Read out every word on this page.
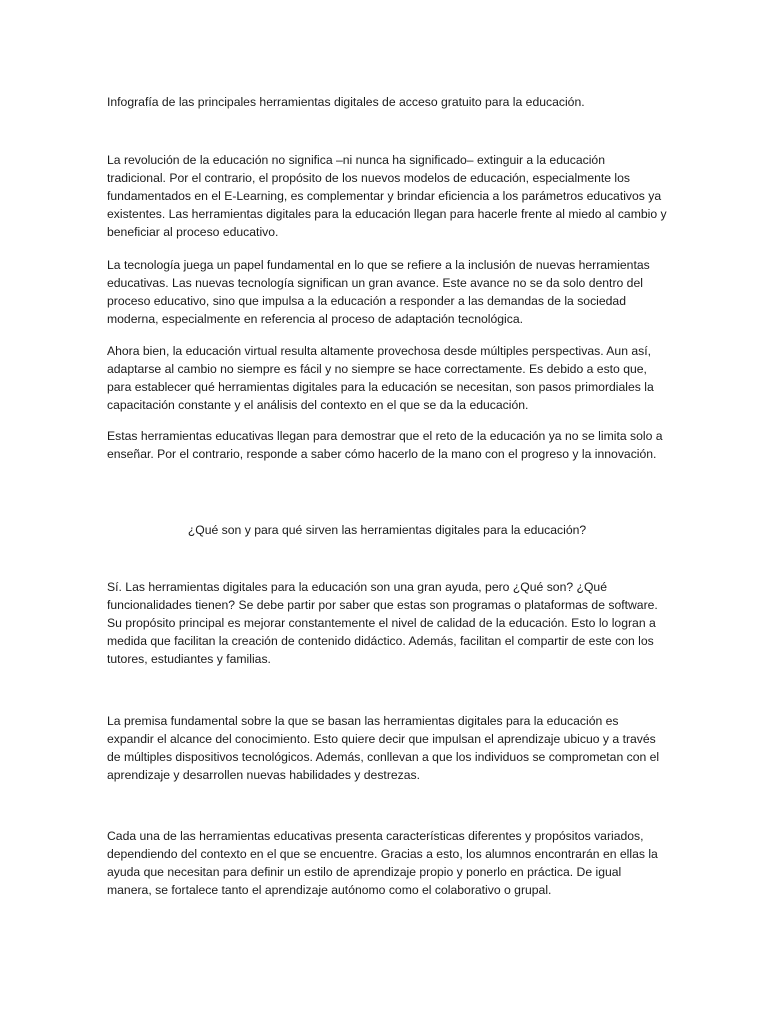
Infografía de las principales herramientas digitales de acceso gratuito para la educación.

La revolución de la educación no significa –ni nunca ha significado– extinguir a la educación tradicional. Por el contrario, el propósito de los nuevos modelos de educación, especialmente los fundamentados en el E-Learning, es complementar y brindar eficiencia a los parámetros educativos ya existentes. Las herramientas digitales para la educación llegan para hacerle frente al miedo al cambio y beneficiar al proceso educativo.

La tecnología juega un papel fundamental en lo que se refiere a la inclusión de nuevas herramientas educativas. Las nuevas tecnología significan un gran avance. Este avance no se da solo dentro del proceso educativo, sino que impulsa a la educación a responder a las demandas de la sociedad moderna, especialmente en referencia al proceso de adaptación tecnológica.

Ahora bien, la educación virtual resulta altamente provechosa desde múltiples perspectivas. Aun así, adaptarse al cambio no siempre es fácil y no siempre se hace correctamente. Es debido a esto que, para establecer qué herramientas digitales para la educación se necesitan, son pasos primordiales la capacitación constante y el análisis del contexto en el que se da la educación.

Estas herramientas educativas llegan para demostrar que el reto de la educación ya no se limita solo a enseñar. Por el contrario, responde a saber cómo hacerlo de la mano con el progreso y la innovación.

¿Qué son y para qué sirven las herramientas digitales para la educación?

Sí. Las herramientas digitales para la educación son una gran ayuda, pero ¿Qué son? ¿Qué funcionalidades tienen? Se debe partir por saber que estas son programas o plataformas de software. Su propósito principal es mejorar constantemente el nivel de calidad de la educación. Esto lo logran a medida que facilitan la creación de contenido didáctico. Además, facilitan el compartir de este con los tutores, estudiantes y familias.

La premisa fundamental sobre la que se basan las herramientas digitales para la educación es expandir el alcance del conocimiento. Esto quiere decir que impulsan el aprendizaje ubicuo y a través de múltiples dispositivos tecnológicos. Además, conllevan a que los individuos se comprometan con el aprendizaje y desarrollen nuevas habilidades y destrezas.

Cada una de las herramientas educativas presenta características diferentes y propósitos variados, dependiendo del contexto en el que se encuentre. Gracias a esto, los alumnos encontrarán en ellas la ayuda que necesitan para definir un estilo de aprendizaje propio y ponerlo en práctica. De igual manera, se fortalece tanto el aprendizaje autónomo como el colaborativo o grupal.
